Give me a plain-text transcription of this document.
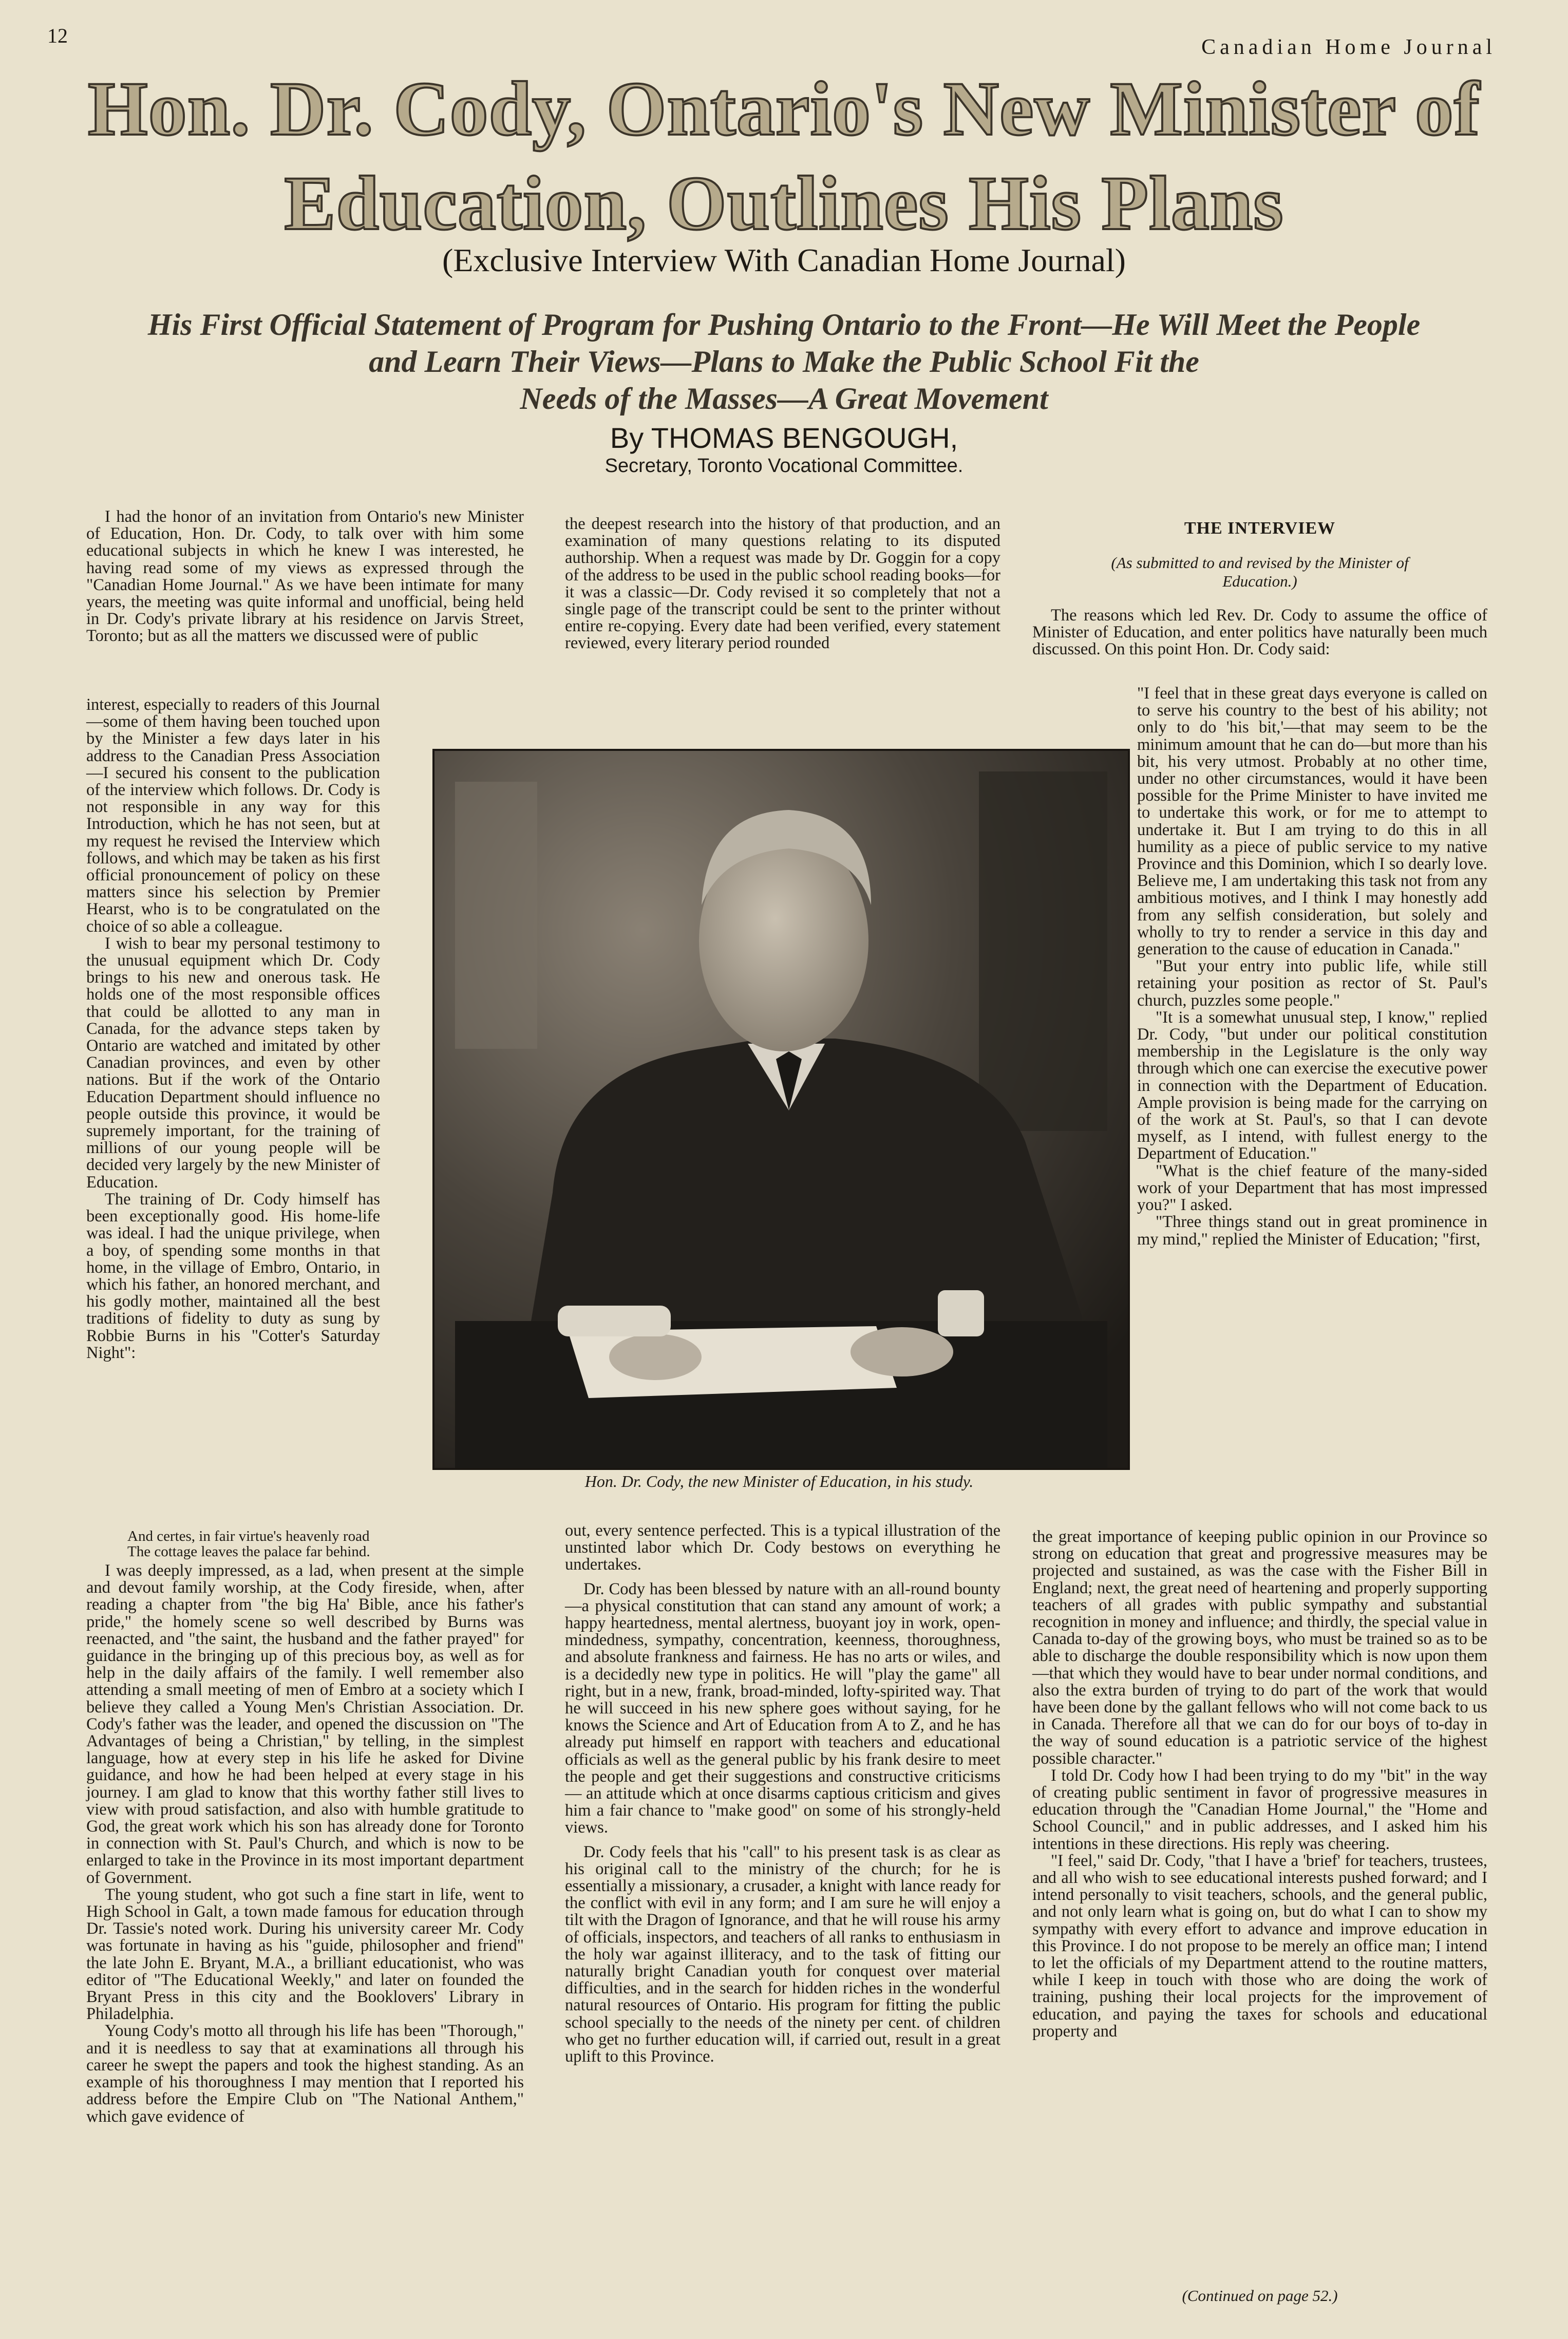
12	Canadian Home Journal
Hon. Dr. Cody, Ontario's New Minister of
Education, Outlines His Plans
(Exclusive Interview With Canadian Home Journal)
His First Official Statement of Program for Pushing Ontario to the Front—He Will Meet the People
and Learn Their Views—Plans to Make the Public School Fit the
Needs of the Masses—A Great Movement
By THOMAS BENGOUGH,
Secretary, Toronto Vocational Committee.

I had the honor of an invitation from Ontario's new Minister of Education, Hon. Dr. Cody, to talk over with him some educational subjects in which he knew I was interested, he having read some of my views as expressed through the "Canadian Home Journal." As we have been intimate for many years, the meeting was quite informal and unofficial, being held in Dr. Cody's private library at his residence on Jarvis Street, Toronto; but as all the matters we discussed were of public

interest, especially to readers of this Journal—some of them having been touched upon by the Minister a few days later in his address to the Canadian Press Association—I secured his consent to the publication of the interview which follows. Dr. Cody is not responsible in any way for this Introduction, which he has not seen, but at my request he revised the Interview which follows, and which may be taken as his first official pronouncement of policy on these matters since his selection by Premier Hearst, who is to be congratulated on the choice of so able a colleague.

I wish to bear my personal testimony to the unusual equipment which Dr. Cody brings to his new and onerous task. He holds one of the most responsible offices that could be allotted to any man in Canada, for the advance steps taken by Ontario are watched and imitated by other Canadian provinces, and even by other nations. But if the work of the Ontario Education Department should influence no people outside this province, it would be supremely important, for the training of millions of our young people will be decided very largely by the new Minister of Education.

The training of Dr. Cody himself has been exceptionally good. His home-life was ideal. I had the unique privilege, when a boy, of spending some months in that home, in the village of Embro, Ontario, in which his father, an honored merchant, and his godly mother, maintained all the best traditions of fidelity to duty as sung by Robbie Burns in his "Cotter's Saturday Night":

And certes, in fair virtue's heavenly road
The cottage leaves the palace far behind.

I was deeply impressed, as a lad, when present at the simple and devout family worship, at the Cody fireside, when, after reading a chapter from "the big Ha' Bible, ance his father's pride," the homely scene so well described by Burns was reenacted, and "the saint, the husband and the father prayed" for guidance in the bringing up of this precious boy, as well as for help in the daily affairs of the family. I well remember also attending a small meeting of men of Embro at a society which I believe they called a Young Men's Christian Association. Dr. Cody's father was the leader, and opened the discussion on "The Advantages of being a Christian," by telling, in the simplest language, how at every step in his life he asked for Divine guidance, and how he had been helped at every stage in his journey. I am glad to know that this worthy father still lives to view with proud satisfaction, and also with humble gratitude to God, the great work which his son has already done for Toronto in connection with St. Paul's Church, and which is now to be enlarged to take in the Province in its most important department of Government.

The young student, who got such a fine start in life, went to High School in Galt, a town made famous for education through Dr. Tassie's noted work. During his university career Mr. Cody was fortunate in having as his "guide, philosopher and friend" the late John E. Bryant, M.A., a brilliant educationist, who was editor of "The Educational Weekly," and later on founded the Bryant Press in this city and the Booklovers' Library in Philadelphia.

Young Cody's motto all through his life has been "Thorough," and it is needless to say that at examinations all through his career he swept the papers and took the highest standing. As an example of his thoroughness I may mention that I reported his address before the Empire Club on "The National Anthem," which gave evidence of

the deepest research into the history of that production, and an examination of many questions relating to its disputed authorship. When a request was made by Dr. Goggin for a copy of the address to be used in the public school reading books—for it was a classic—Dr. Cody revised it so completely that not a single page of the transcript could be sent to the printer without entire re-copying. Every date had been verified, every statement reviewed, every literary period rounded

Hon. Dr. Cody, the new Minister of Education, in his study.

out, every sentence perfected. This is a typical illustration of the unstinted labor which Dr. Cody bestows on everything he undertakes.

Dr. Cody has been blessed by nature with an all-round bounty—a physical constitution that can stand any amount of work; a happy heartedness, mental alertness, buoyant joy in work, open-mindedness, sympathy, concentration, keenness, thoroughness, and absolute frankness and fairness. He has no arts or wiles, and is a decidedly new type in politics. He will "play the game" all right, but in a new, frank, broad-minded, lofty-spirited way. That he will succeed in his new sphere goes without saying, for he knows the Science and Art of Education from A to Z, and he has already put himself en rapport with teachers and educational officials as well as the general public by his frank desire to meet the people and get their suggestions and constructive criticisms — an attitude which at once disarms captious criticism and gives him a fair chance to "make good" on some of his strongly-held views.

Dr. Cody feels that his "call" to his present task is as clear as his original call to the ministry of the church; for he is essentially a missionary, a crusader, a knight with lance ready for the conflict with evil in any form; and I am sure he will enjoy a tilt with the Dragon of Ignorance, and that he will rouse his army of officials, inspectors, and teachers of all ranks to enthusiasm in the holy war against illiteracy, and to the task of fitting our naturally bright Canadian youth for conquest over material difficulties, and in the search for hidden riches in the wonderful natural resources of Ontario. His program for fitting the public school specially to the needs of the ninety per cent. of children who get no further education will, if carried out, result in a great uplift to this Province.

THE INTERVIEW
(As submitted to and revised by the Minister of
Education.)

The reasons which led Rev. Dr. Cody to assume the office of Minister of Education, and enter politics have naturally been much discussed. On this point Hon. Dr. Cody said:

"I feel that in these great days everyone is called on to serve his country to the best of his ability; not only to do 'his bit,'—that may seem to be the minimum amount that he can do—but more than his bit, his very utmost. Probably at no other time, under no other circumstances, would it have been possible for the Prime Minister to have invited me to undertake this work, or for me to attempt to undertake it. But I am trying to do this in all humility as a piece of public service to my native Province and this Dominion, which I so dearly love. Believe me, I am undertaking this task not from any ambitious motives, and I think I may honestly add from any selfish consideration, but solely and wholly to try to render a service in this day and generation to the cause of education in Canada."

"But your entry into public life, while still retaining your position as rector of St. Paul's church, puzzles some people."

"It is a somewhat unusual step, I know," replied Dr. Cody, "but under our political constitution membership in the Legislature is the only way through which one can exercise the executive power in connection with the Department of Education. Ample provision is being made for the carrying on of the work at St. Paul's, so that I can devote myself, as I intend, with fullest energy to the Department of Education."

"What is the chief feature of the many-sided work of your Department that has most impressed you?" I asked.

"Three things stand out in great prominence in my mind," replied the Minister of Education; "first,

the great importance of keeping public opinion in our Province so strong on education that great and progressive measures may be projected and sustained, as was the case with the Fisher Bill in England; next, the great need of heartening and properly supporting teachers of all grades with public sympathy and substantial recognition in money and influence; and thirdly, the special value in Canada to-day of the growing boys, who must be trained so as to be able to discharge the double responsibility which is now upon them—that which they would have to bear under normal conditions, and also the extra burden of trying to do part of the work that would have been done by the gallant fellows who will not come back to us in Canada. Therefore all that we can do for our boys of to-day in the way of sound education is a patriotic service of the highest possible character."

I told Dr. Cody how I had been trying to do my "bit" in the way of creating public sentiment in favor of progressive measures in education through the "Canadian Home Journal," the "Home and School Council," and in public addresses, and I asked him his intentions in these directions. His reply was cheering.

"I feel," said Dr. Cody, "that I have a 'brief' for teachers, trustees, and all who wish to see educational interests pushed forward; and I intend personally to visit teachers, schools, and the general public, and not only learn what is going on, but do what I can to show my sympathy with every effort to advance and improve education in this Province. I do not propose to be merely an office man; I intend to let the officials of my Department attend to the routine matters, while I keep in touch with those who are doing the work of training, pushing their local projects for the improvement of education, and paying the taxes for schools and educational property and

(Continued on page 52.)
